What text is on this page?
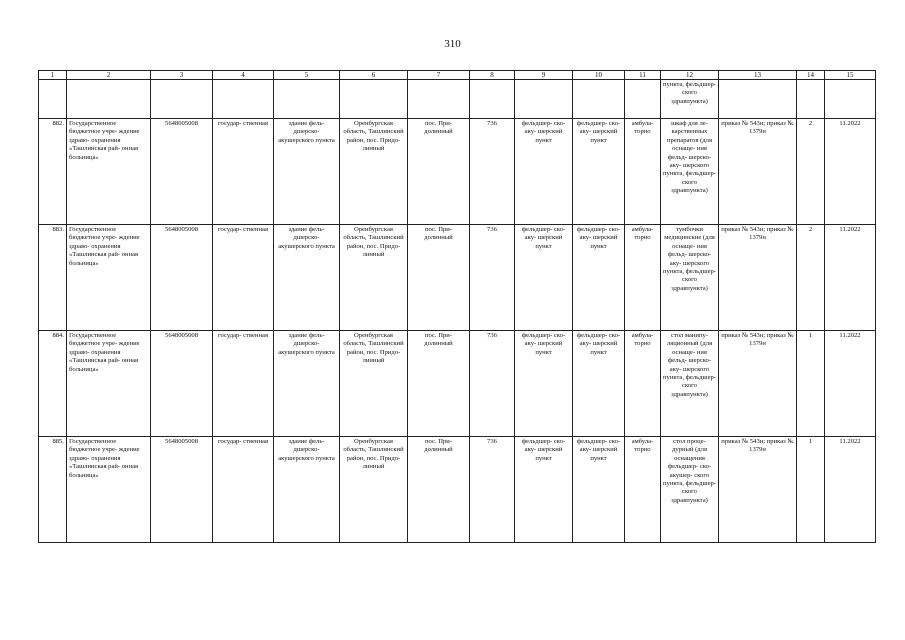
310
1	2	3	4	5	6	7	8	9	10	11	12	13	14	15
											пункта, фельдшер- ского здравпункта)			
882.	Государственное бюджетное учре- ждение здраво- охранения «Ташлинская рай- онная больница»	5648005008	государ- ственная	здание фель- дшерско- акушерского пункта	Оренбургская область, Ташлинский район, пос. Придо- линный	пос. При- долинный	736	фельдшер- ско-аку- шерский пункт	фельдшер- ско-аку- шерский пункт	амбула- торно	шкаф для ле- карственных препаратов (для оснаще- ния фельд- шерско-аку- шерского пункта, фельдшер- ского здравпункта)	приказ № 543н; приказ № 1379н	2	11.2022
883.	Государственное бюджетное учре- ждение здраво- охранения «Ташлинская рай- онная больница»	5648005008	государ- ственная	здание фель- дшерско- акушерского пункта	Оренбургская область, Ташлинский район, пос. Придо- линный	пос. При- долинный	736	фельдшер- ско-аку- шерский пункт	фельдшер- ско-аку- шерский пункт	амбула- торно	тумбочки медицинские (для оснаще- ния фельд- шерско-аку- шерского пункта, фельдшер- ского здравпункта)	приказ № 543н; приказ № 1379н	2	11.2022
884.	Государственное бюджетное учре- ждение здраво- охранения «Ташлинская рай- онная больница»	5648005008	государ- ственная	здание фель- дшерско- акушерского пункта	Оренбургская область, Ташлинский район, пос. Придо- линный	пос. При- долинный	736	фельдшер- ско-аку- шерский пункт	фельдшер- ско-аку- шерский пункт	амбула- торно	стол манипу- ляционный (для оснаще- ния фельд- шерско-аку- шерского пункта, фельдшер- ского здравпункта)	приказ № 543н; приказ № 1379н	1	11.2022
885.	Государственное бюджетное учре- ждение здраво- охранения «Ташлинская рай- онная больница»	5648005008	государ- ственная	здание фель- дшерско- акушерского пункта	Оренбургская область, Ташлинский район, пос. Придо- линный	пос. При- долинный	736	фельдшер- ско-аку- шерский пункт	фельдшер- ско-аку- шерский пункт	амбула- торно	стол проце- дурный (для оснащения фельдшер- ско-акушер- ского пункта, фельдшер- ского здравпункта)	приказ № 543н; приказ № 1379н	1	11.2022
